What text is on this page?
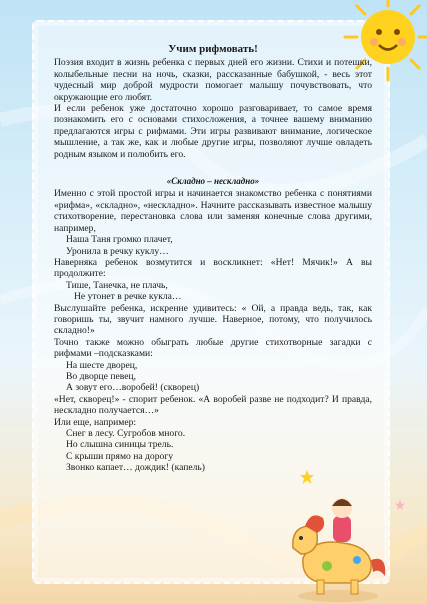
Учим рифмовать!

Поэзия входит в жизнь ребенка с первых дней его жизни. Стихи и потешки, колыбельные песни на ночь, сказки, рассказанные бабушкой, - весь этот чудесный мир доброй мудрости помогает малышу почувствовать, что окружающие его любят.

И если ребенок уже достаточно хорошо разговаривает, то самое время познакомить его с основами стихосложения, а точнее вашему вниманию предлагаются игры с рифмами. Эти игры развивают внимание, логическое мышление, а так же, как и любые другие игры, позволяют лучше овладеть родным языком и полюбить его.

«Складно – нескладно»

Именно с этой простой игры и начинается знакомство ребенка с понятиями «рифма», «складно», «нескладно». Начните рассказывать известное малышу стихотворение, перестановка слова или заменяя конечные слова другими, например,

Наша Таня громко плачет,
Уронила в речку куклу…

Наверняка ребенок возмутится и воскликнет: «Нет! Мячик!» А вы продолжите:

Тише, Танечка, не плачь,
Не утонет в речке кукла…

Выслушайте ребенка, искренне удивитесь: « Ой, а правда ведь, так, как говоришь ты, звучит намного лучше. Наверное, потому, что получилось складно!»

Точно также можно обыграть любые другие стихотворные загадки с рифмами –подсказками:

На шесте дворец,
Во дворце певец,
А зовут его…воробей! (скворец)

«Нет, скворец!» - спорит ребенок. «А воробей разве не подходит? И правда, нескладно получается…»

Или еще, например:
Снег в лесу. Сугробов много.
Но слышна синицы трель.
С крыши прямо на дорогу
Звонко капает… дождик! (капель)
